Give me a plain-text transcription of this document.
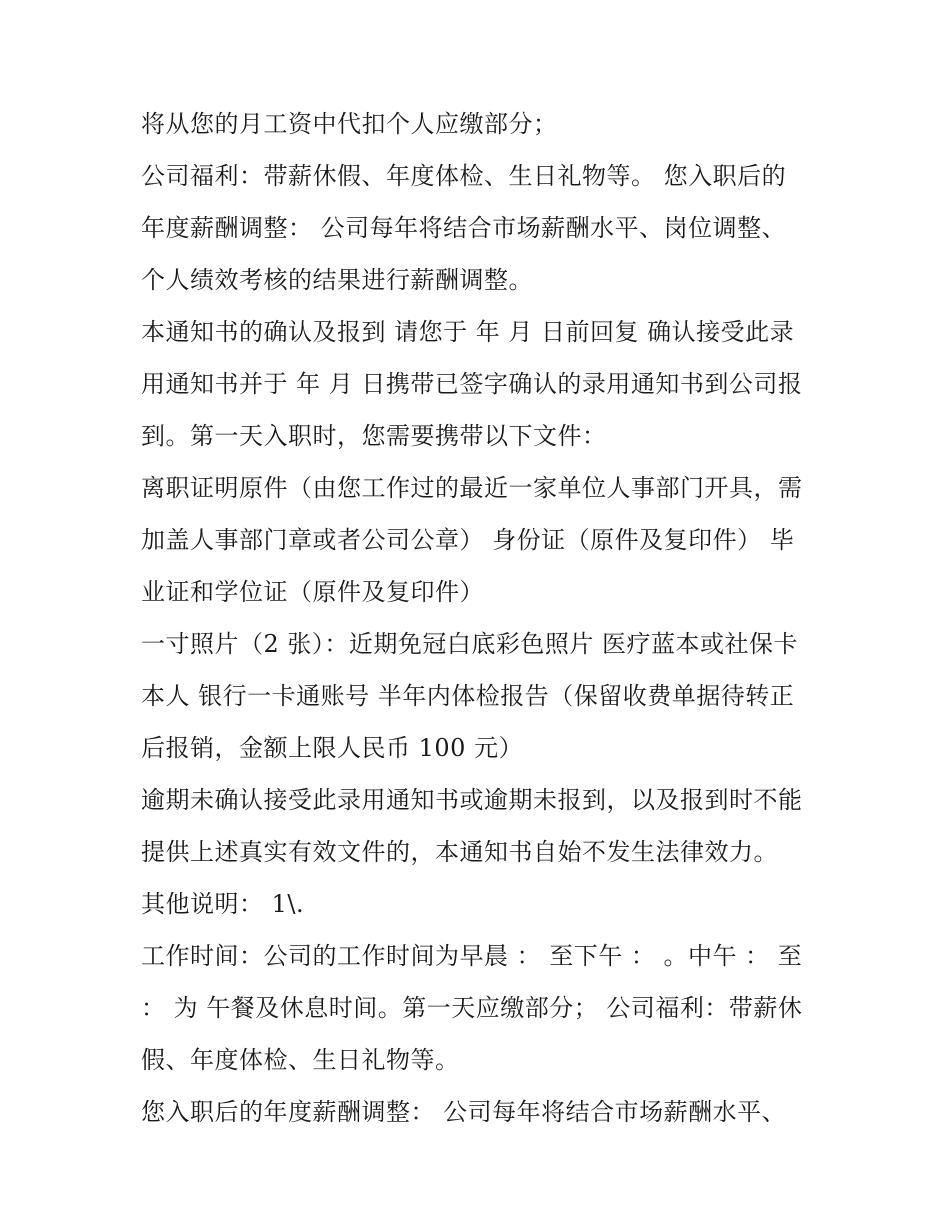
将从您的月工资中代扣个人应缴部分；
公司福利：带薪休假、年度体检、生日礼物等。 您入职后的
年度薪酬调整： 公司每年将结合市场薪酬水平、岗位调整、
个人绩效考核的结果进行薪酬调整。
本通知书的确认及报到 请您于 年 月 日前回复 确认接受此录
用通知书并于 年 月 日携带已签字确认的录用通知书到公司报
到。第一天入职时，您需要携带以下文件：
离职证明原件（由您工作过的最近一家单位人事部门开具，需
加盖人事部门章或者公司公章） 身份证（原件及复印件） 毕
业证和学位证（原件及复印件）
一寸照片（2 张）：近期免冠白底彩色照片 医疗蓝本或社保卡
本人 银行一卡通账号 半年内体检报告（保留收费单据待转正
后报销，金额上限人民币 100 元）
逾期未确认接受此录用通知书或逾期未报到，以及报到时不能
提供上述真实有效文件的，本通知书自始不发生法律效力。
其他说明： 1\.
工作时间：公司的工作时间为早晨 ： 至下午 ： 。中午 ： 至
： 为 午餐及休息时间。第一天应缴部分； 公司福利：带薪休
假、年度体检、生日礼物等。
您入职后的年度薪酬调整： 公司每年将结合市场薪酬水平、
